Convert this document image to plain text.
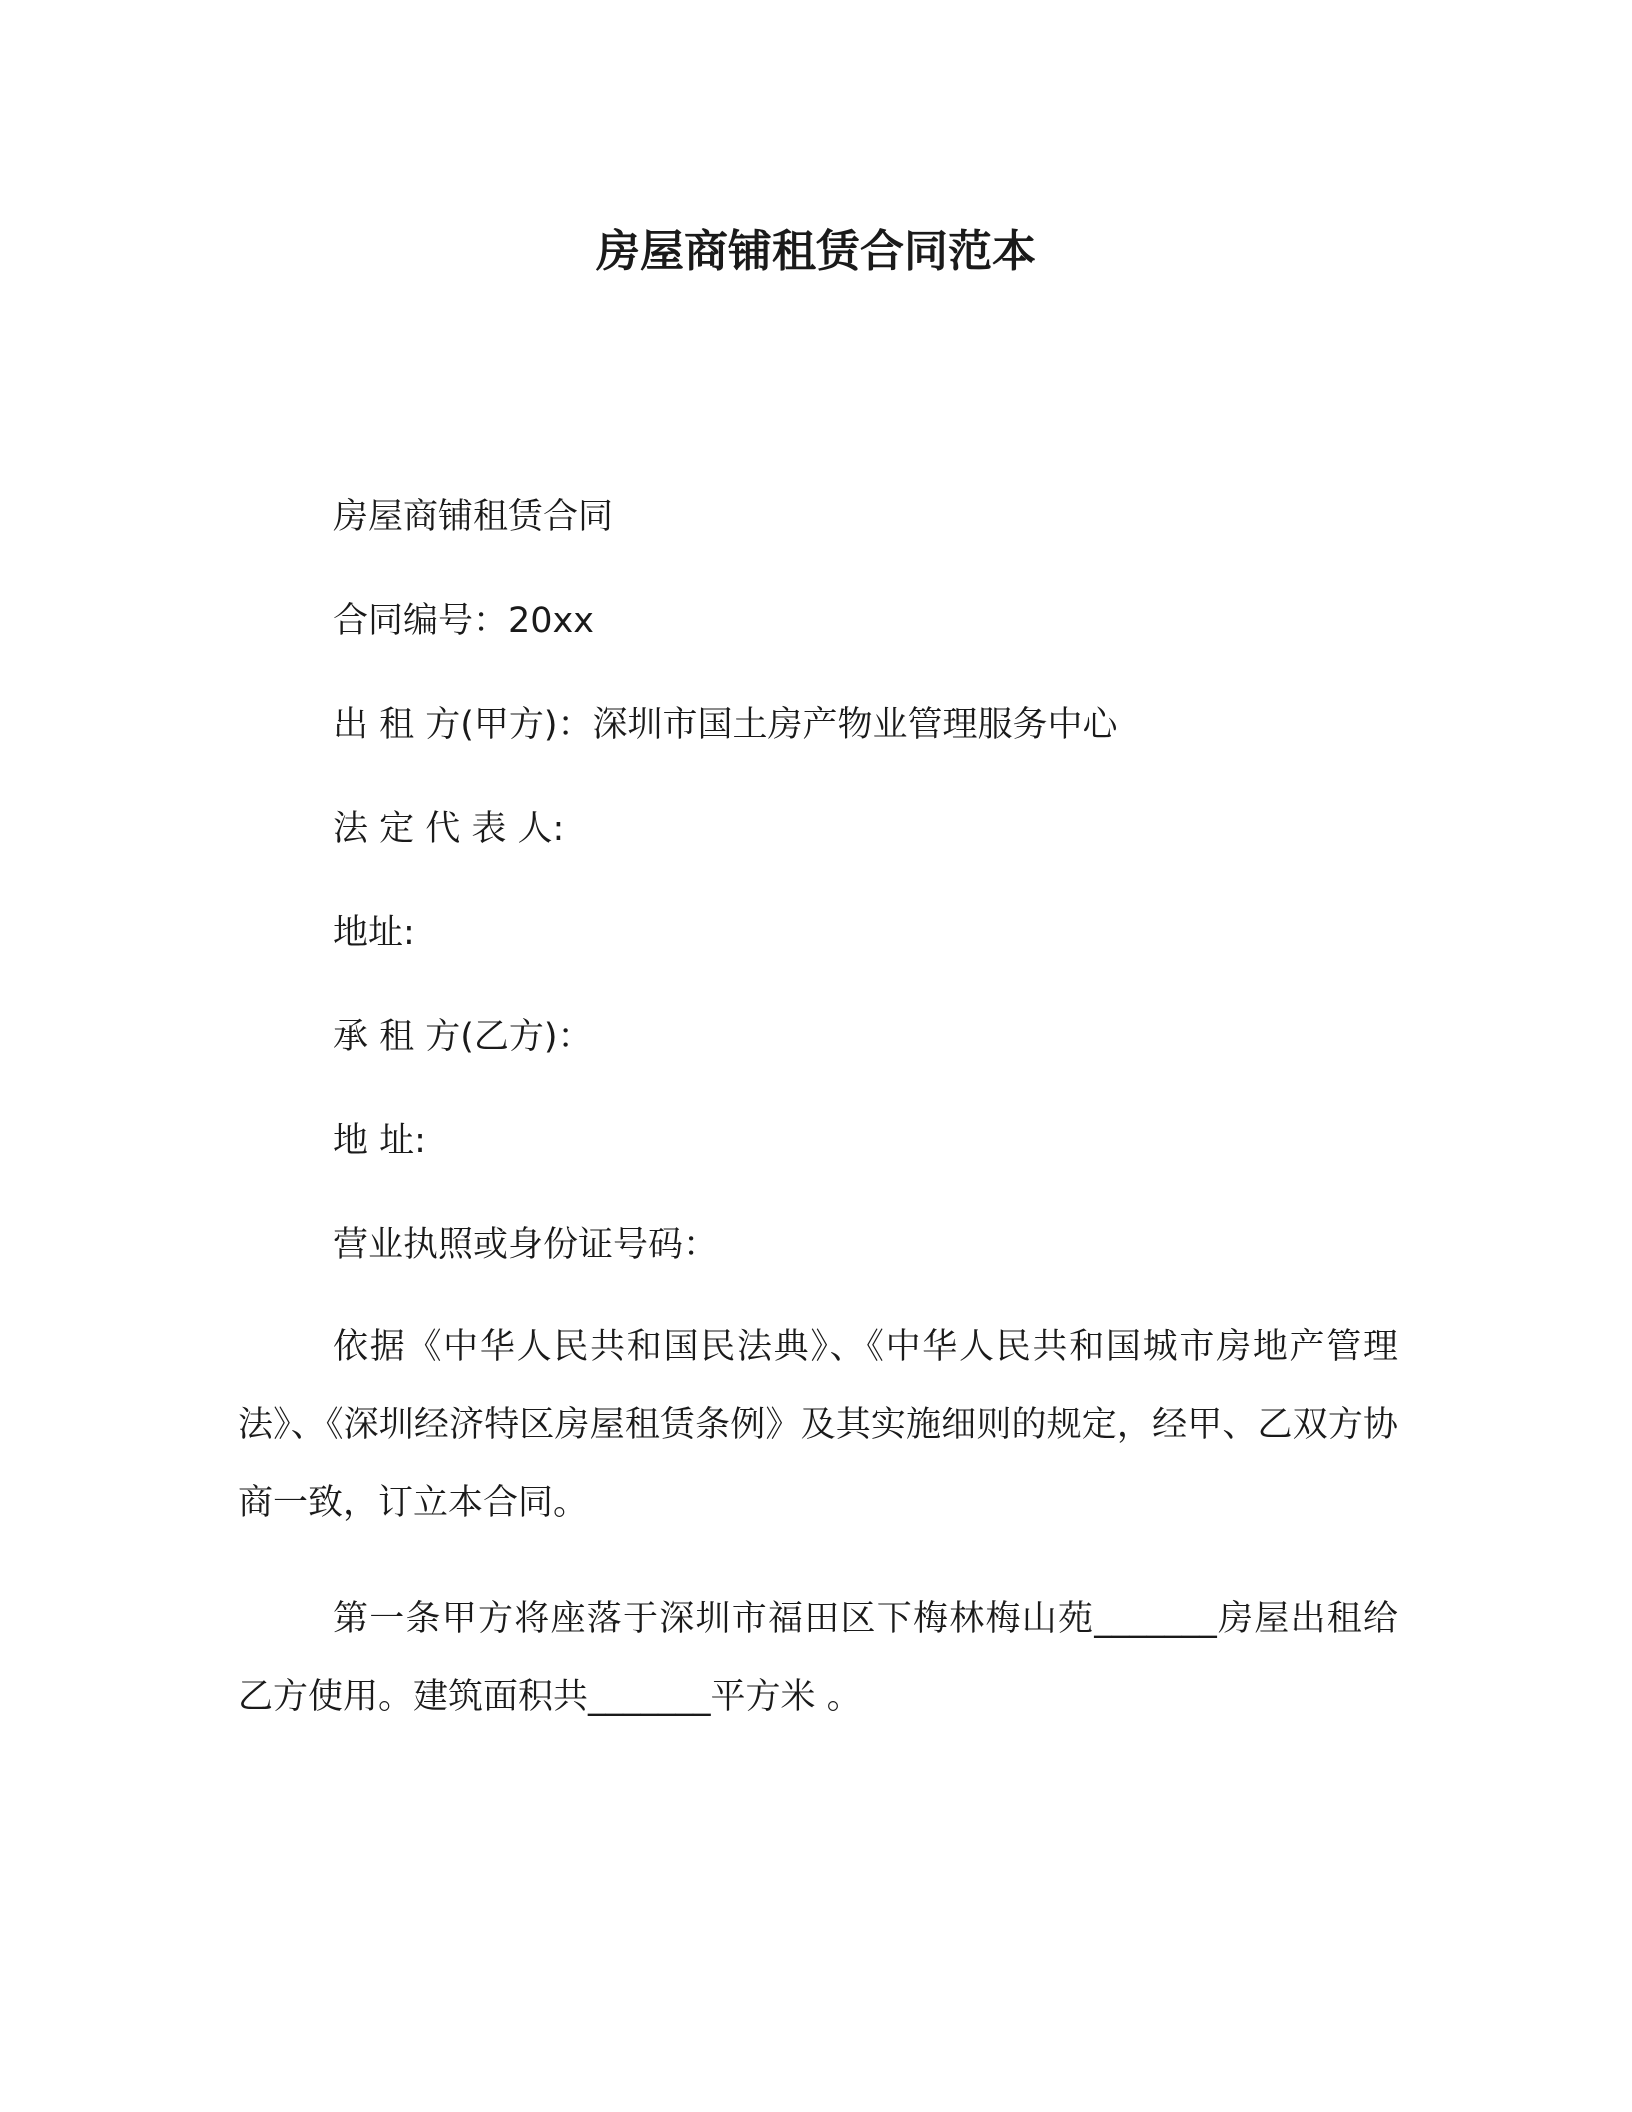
房屋商铺租赁合同范本
房屋商铺租赁合同
合同编号：20xx
出 租 方(甲方)：深圳市国土房产物业管理服务中心
法 定 代 表 人:
地址:
承 租 方(乙方)：
地 址:
营业执照或身份证号码：
依据《中华人民共和国民法典》、《中华人民共和国城市房地产管理法》、《深圳经济特区房屋租赁条例》及其实施细则的规定，经甲、乙双方协商一致，订立本合同。
第一条甲方将座落于深圳市福田区下梅林梅山苑_______房屋出租给乙方使用。建筑面积共_______平方米 。
